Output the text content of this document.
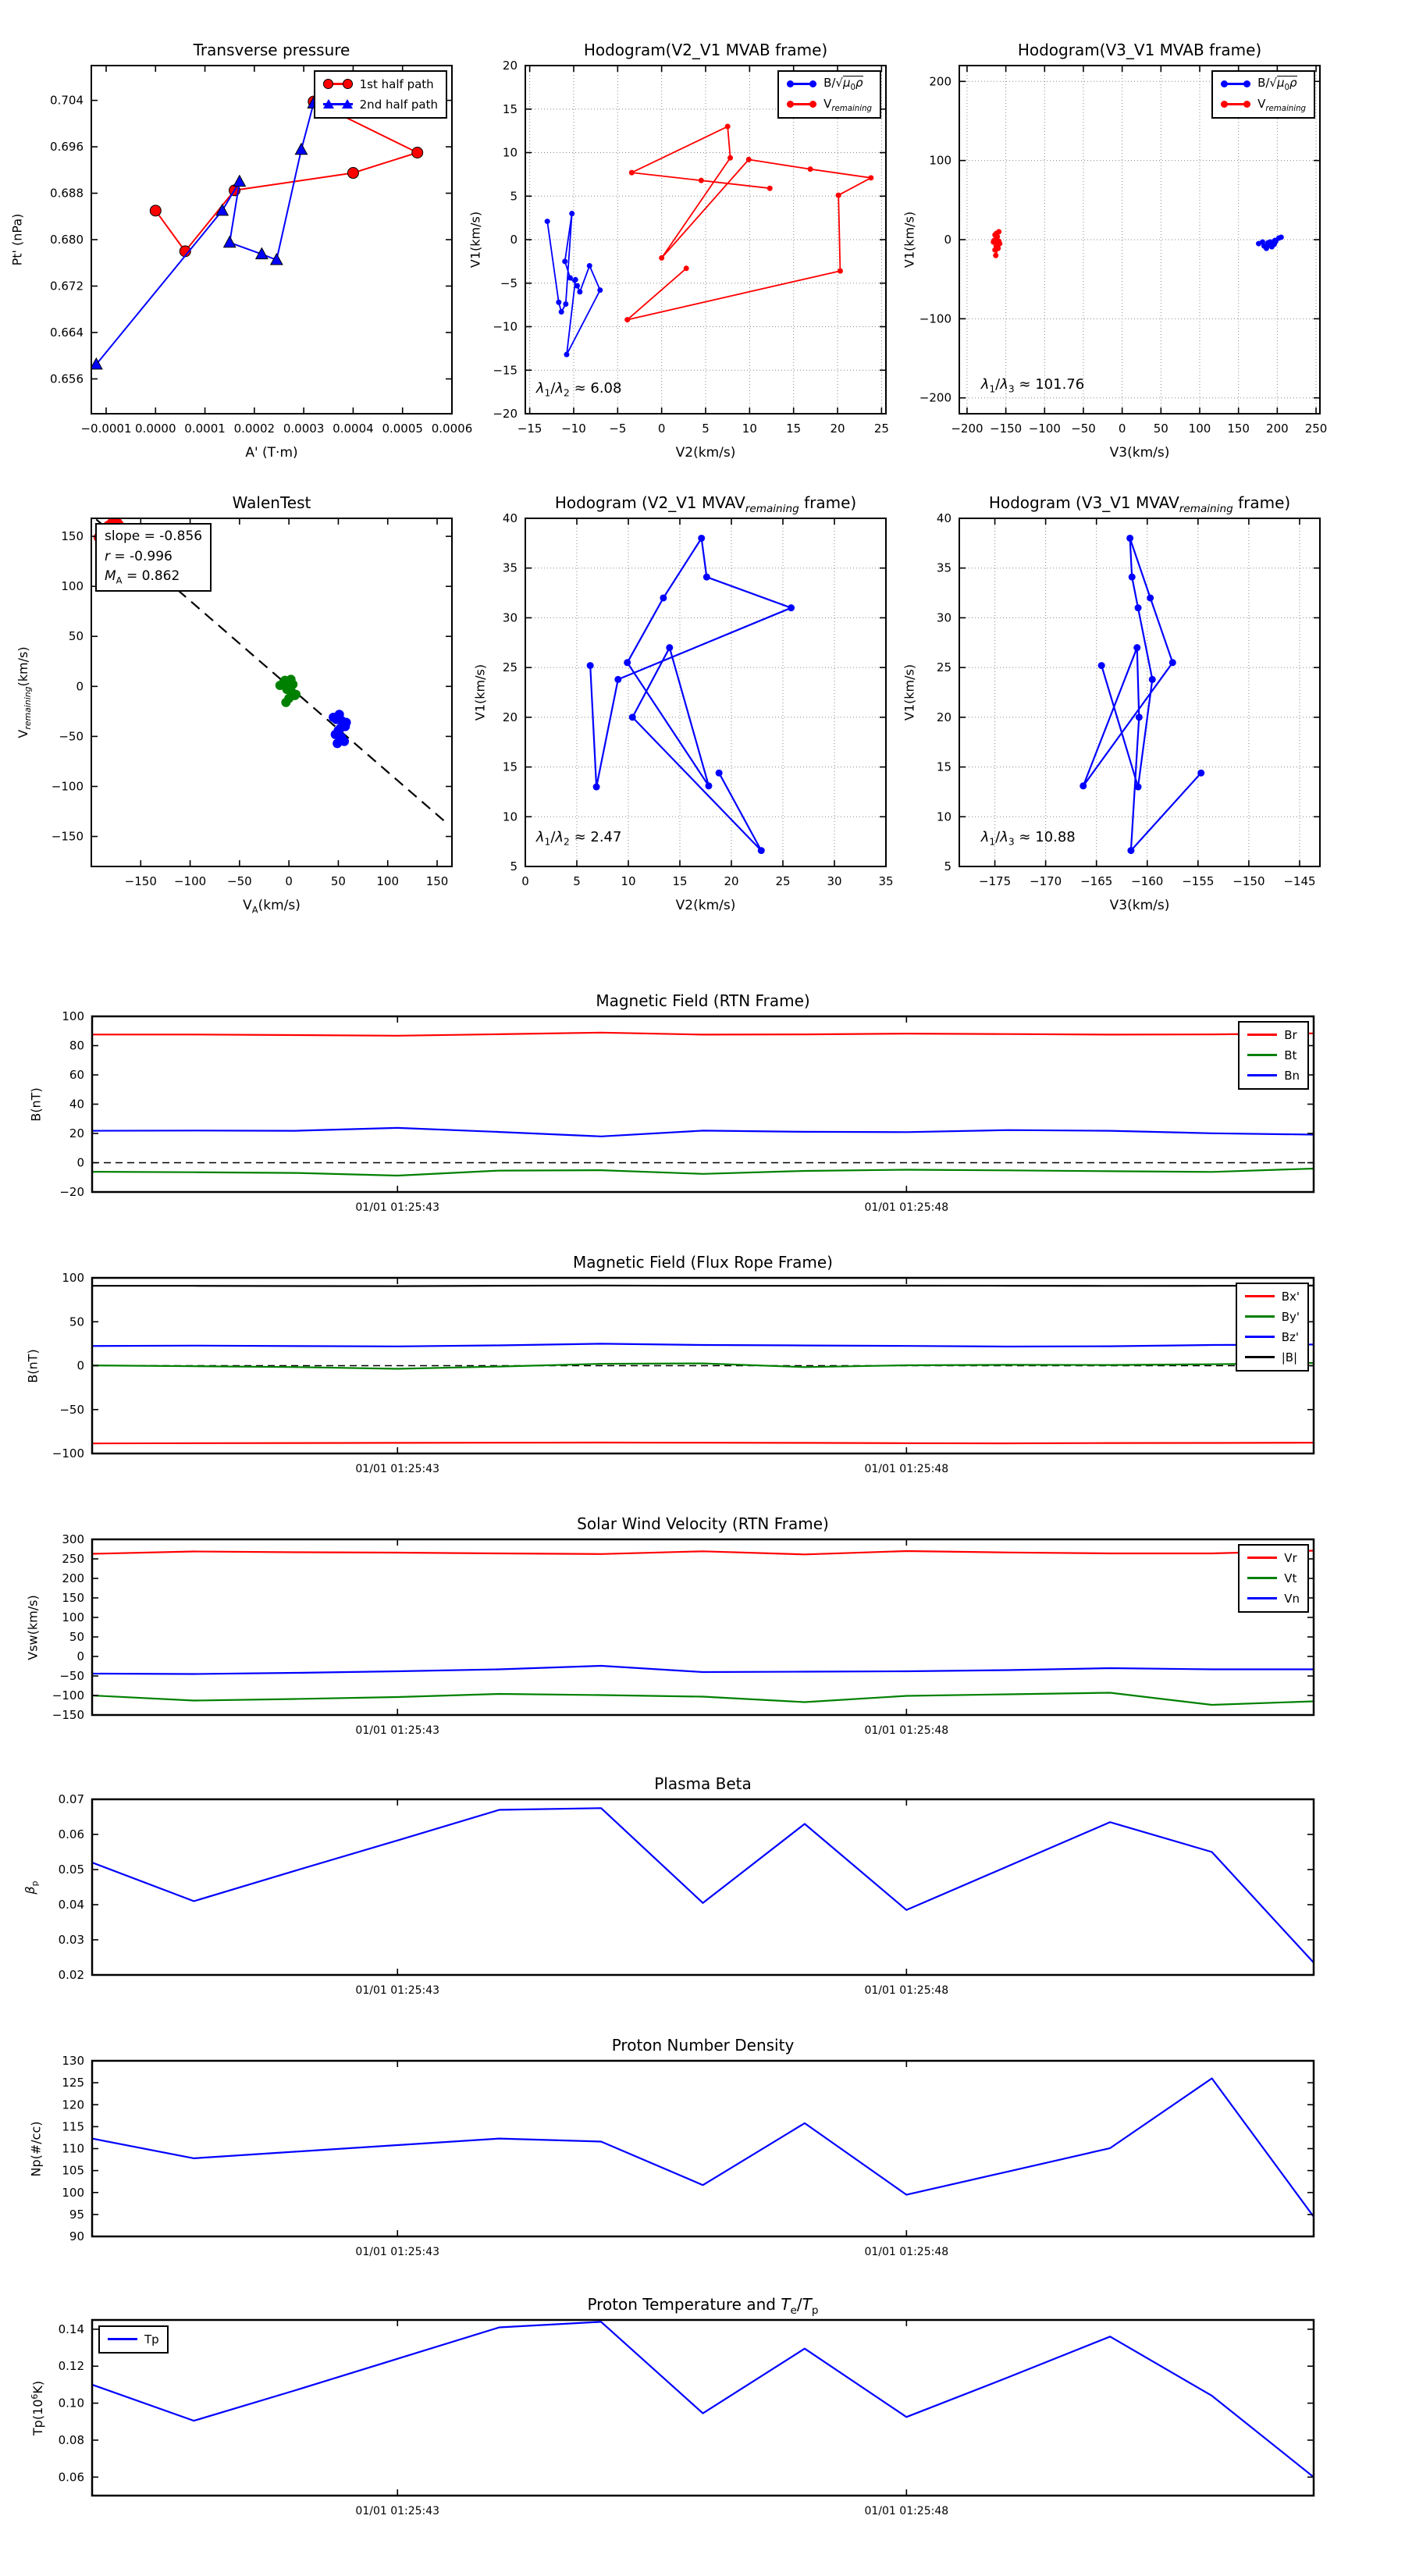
−0.0001 0.0000 0.0001 0.0002 0.0003 0.0004 0.0005 0.0006
0.656
0.664
0.672
0.680
0.688
0.696
0.704
−15 −10 −5	0	5	10 15 20 25
−20
−15
−10
−5
0
5
10
15
20
−200 −150 −100 −50 0 50 100 150 200 250
−200
−100
0
100
200
−150 −100 −50	0	50	100 150
−150
−100
−50
0
50
100
150
0	5	10	15	20	25	30	35
5
10
15
20
25
30
35
40
−175 −170 −165 −160 −155 −150 −145
5
10
15
20
25
30
35
40
01/01 01:25:43	01/01 01:25:48
−20
0
20
40
60
80
100
01/01 01:25:43	01/01 01:25:48
−100
−50
0
50
100
01/01 01:25:43	01/01 01:25:48
−150
−100
−50
0
50
100
150
200
250
300
01/01 01:25:43	01/01 01:25:48
0.02
0.03
0.04
0.05
0.06
0.07
01/01 01:25:43	01/01 01:25:48
90
95
100
105
110
115
120
125
130
01/01 01:25:43	01/01 01:25:48
0.06
0.08
0.10
0.12
0.14
Transverse pressure	Hodogram(V2_V1 MVAB frame)	Hodogram(V3_V1 MVAB frame)
WalenTest	Hodogram (V2_V1 $MVAV_{remaining}$ frame)	Hodogram (V3_V1 $MVAV_{remaining}$ frame)
Magnetic Field (RTN Frame)
Magnetic Field (Flux Rope Frame)
Solar Wind Velocity (RTN Frame)
Plasma Beta
Proton Number Density
Proton Temperature and $T_e/T_p$
A' (T·m)
Pt' (nPa)
1st half path
2nd half path
V2(km/s)
V1(km/s)
$\lambda_1/\lambda_2 \approx 6.08$
$B/√\mu_0\rho$
$V_{remaining}$
V3(km/s)
V1(km/s)
$\lambda_1/\lambda_3 \approx 101.76$
$B/√\mu_0\rho$
$V_{remaining}$
$V_A(km/s)$
$V_{remaining}(km/s)$
slope = -0.856
r = -0.996
$M_A = 0.862$
V2(km/s)
V1(km/s)
$\lambda_1/\lambda_2 \approx 2.47$
V3(km/s)
V1(km/s)
$\lambda_1/\lambda_3 \approx 10.88$
B(nT)
Br
Bt
Bn
B(nT)
Bx'
By'
Bz'
|B|
Vsw(km/s)
Vr
Vt
Vn
$\beta_p$
Np(#/cc)
$Tp(10^6K)$
Tp
